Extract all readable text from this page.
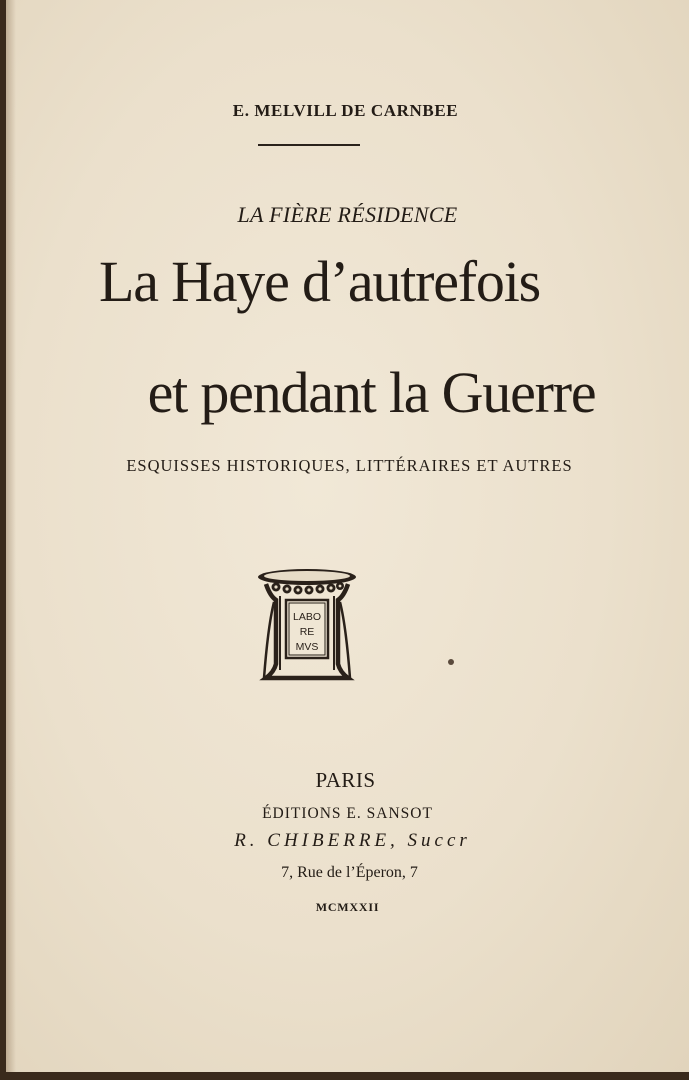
E. MELVILL DE CARNBEE
LA FIÈRE RÉSIDENCE
La Haye d’autrefois
et pendant la Guerre
ESQUISSES HISTORIQUES, LITTÉRAIRES ET AUTRES
LABO
RE
MVS
PARIS
ÉDITIONS E. SANSOT
R. CHIBERRE, Succr
7, Rue de l’Éperon, 7
MCMXXII
